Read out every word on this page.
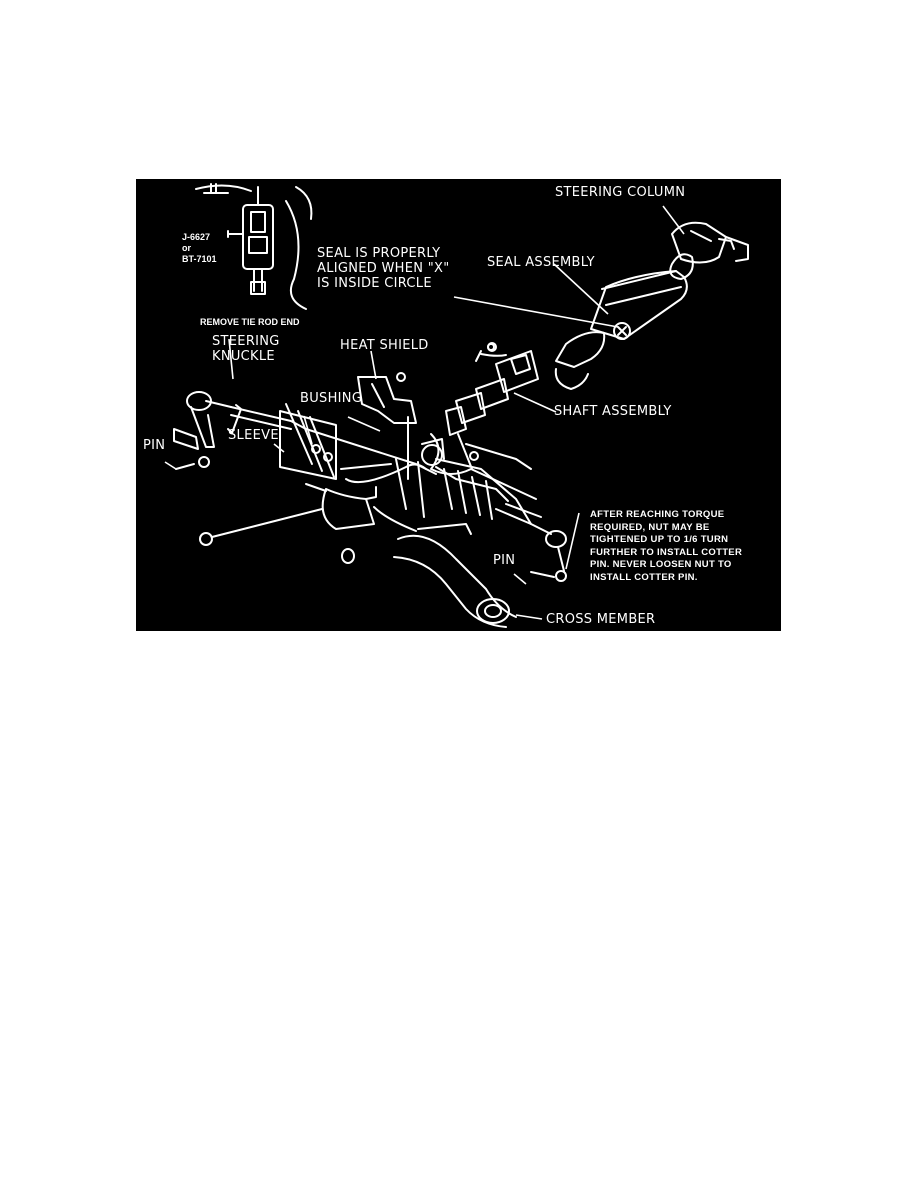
STEERING COLUMN
SEAL IS PROPERLY
ALIGNED WHEN "X"
IS INSIDE CIRCLE
SEAL ASSEMBLY
J-6627
or
BT-7101
REMOVE TIE ROD END
STEERING
KNUCKLE
HEAT SHIELD
BUSHING
SHAFT ASSEMBLY
SLEEVE
PIN
AFTER REACHING TORQUE
REQUIRED, NUT MAY BE
TIGHTENED UP TO 1/6 TURN
FURTHER TO INSTALL COTTER
PIN. NEVER LOOSEN NUT TO
INSTALL COTTER PIN.
PIN
CROSS MEMBER
